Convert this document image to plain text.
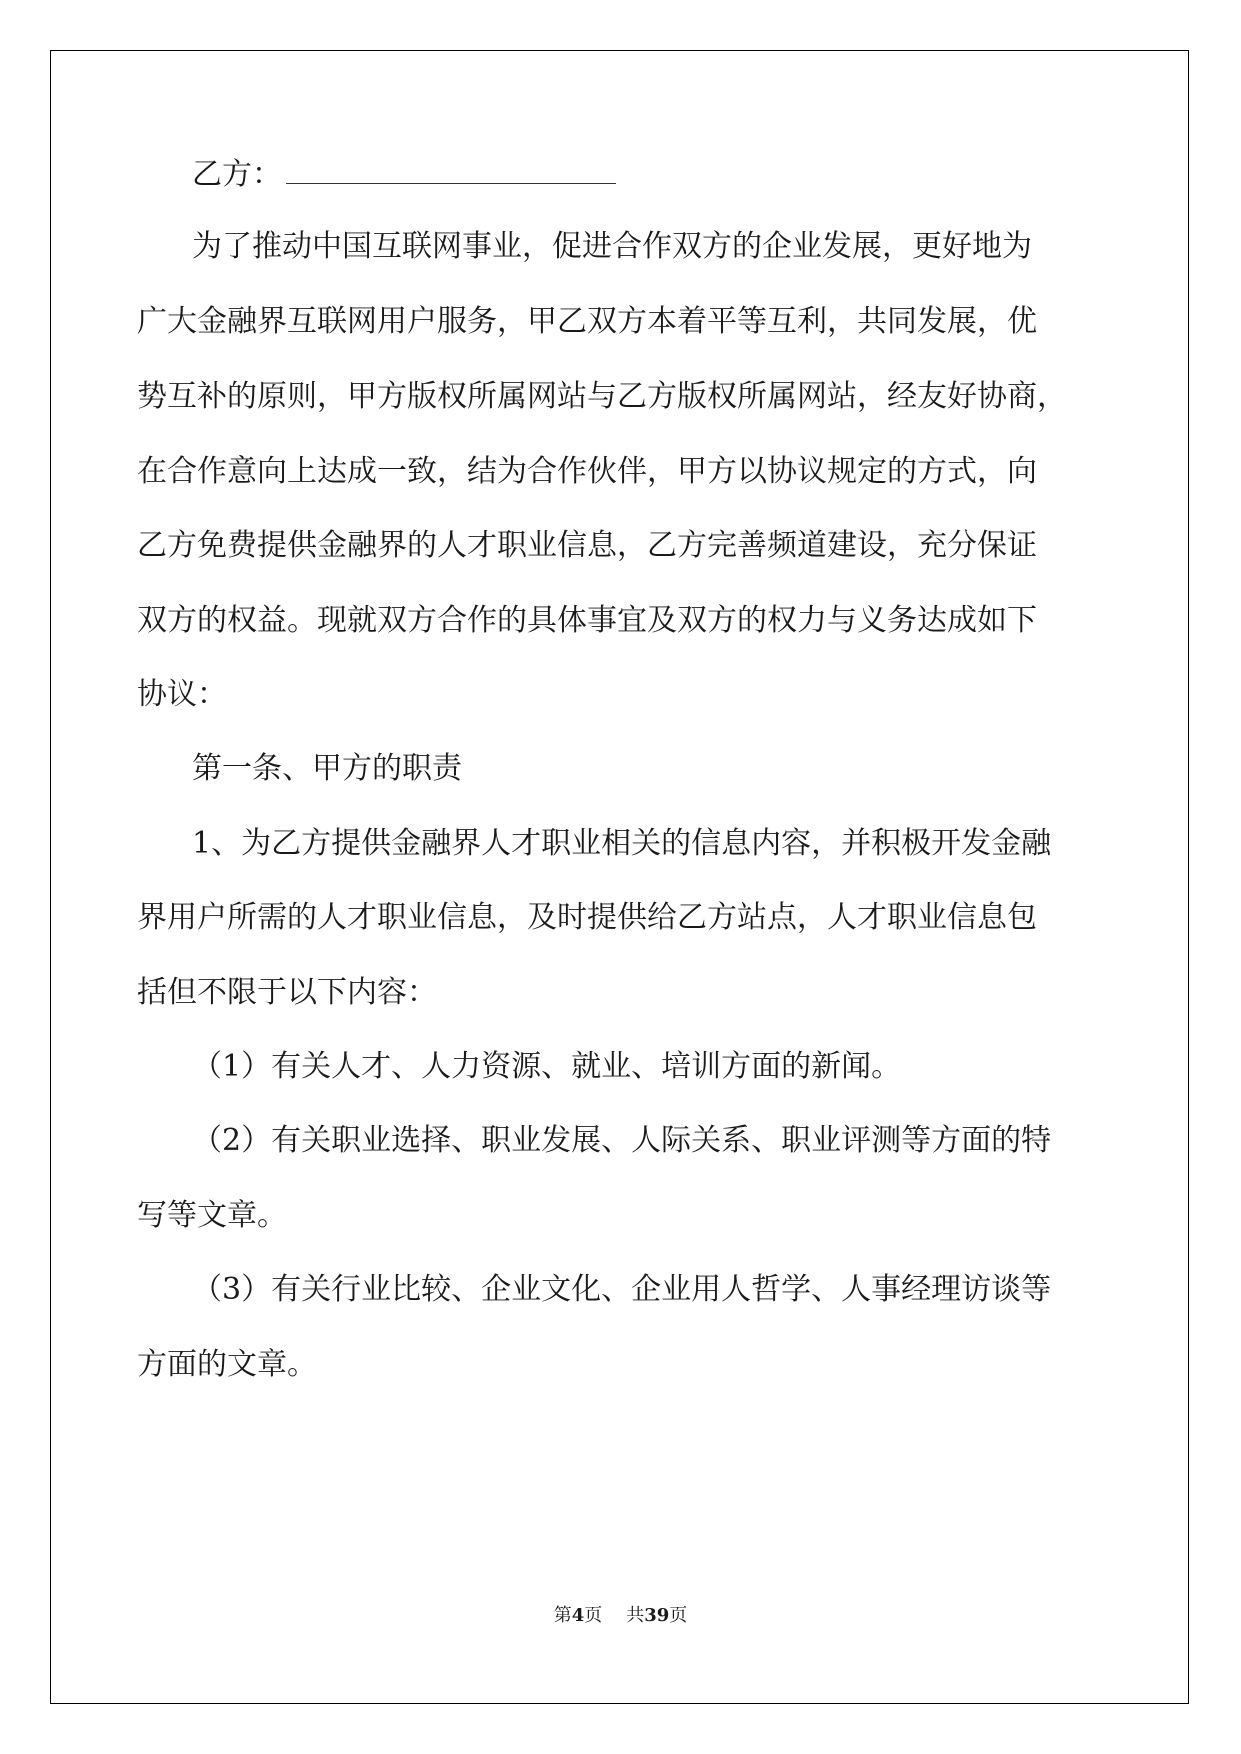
乙方：
为了推动中国互联网事业，促进合作双方的企业发展，更好地为
广大金融界互联网用户服务，甲乙双方本着平等互利，共同发展，优
势互补的原则，甲方版权所属网站与乙方版权所属网站，经友好协商，
在合作意向上达成一致，结为合作伙伴，甲方以协议规定的方式，向
乙方免费提供金融界的人才职业信息，乙方完善频道建设，充分保证
双方的权益。现就双方合作的具体事宜及双方的权力与义务达成如下
协议：
第一条、甲方的职责
1、为乙方提供金融界人才职业相关的信息内容，并积极开发金融
界用户所需的人才职业信息，及时提供给乙方站点，人才职业信息包
括但不限于以下内容：
（1）有关人才、人力资源、就业、培训方面的新闻。
（2）有关职业选择、职业发展、人际关系、职业评测等方面的特
写等文章。
（3）有关行业比较、企业文化、企业用人哲学、人事经理访谈等
方面的文章。
第4页 共39页
